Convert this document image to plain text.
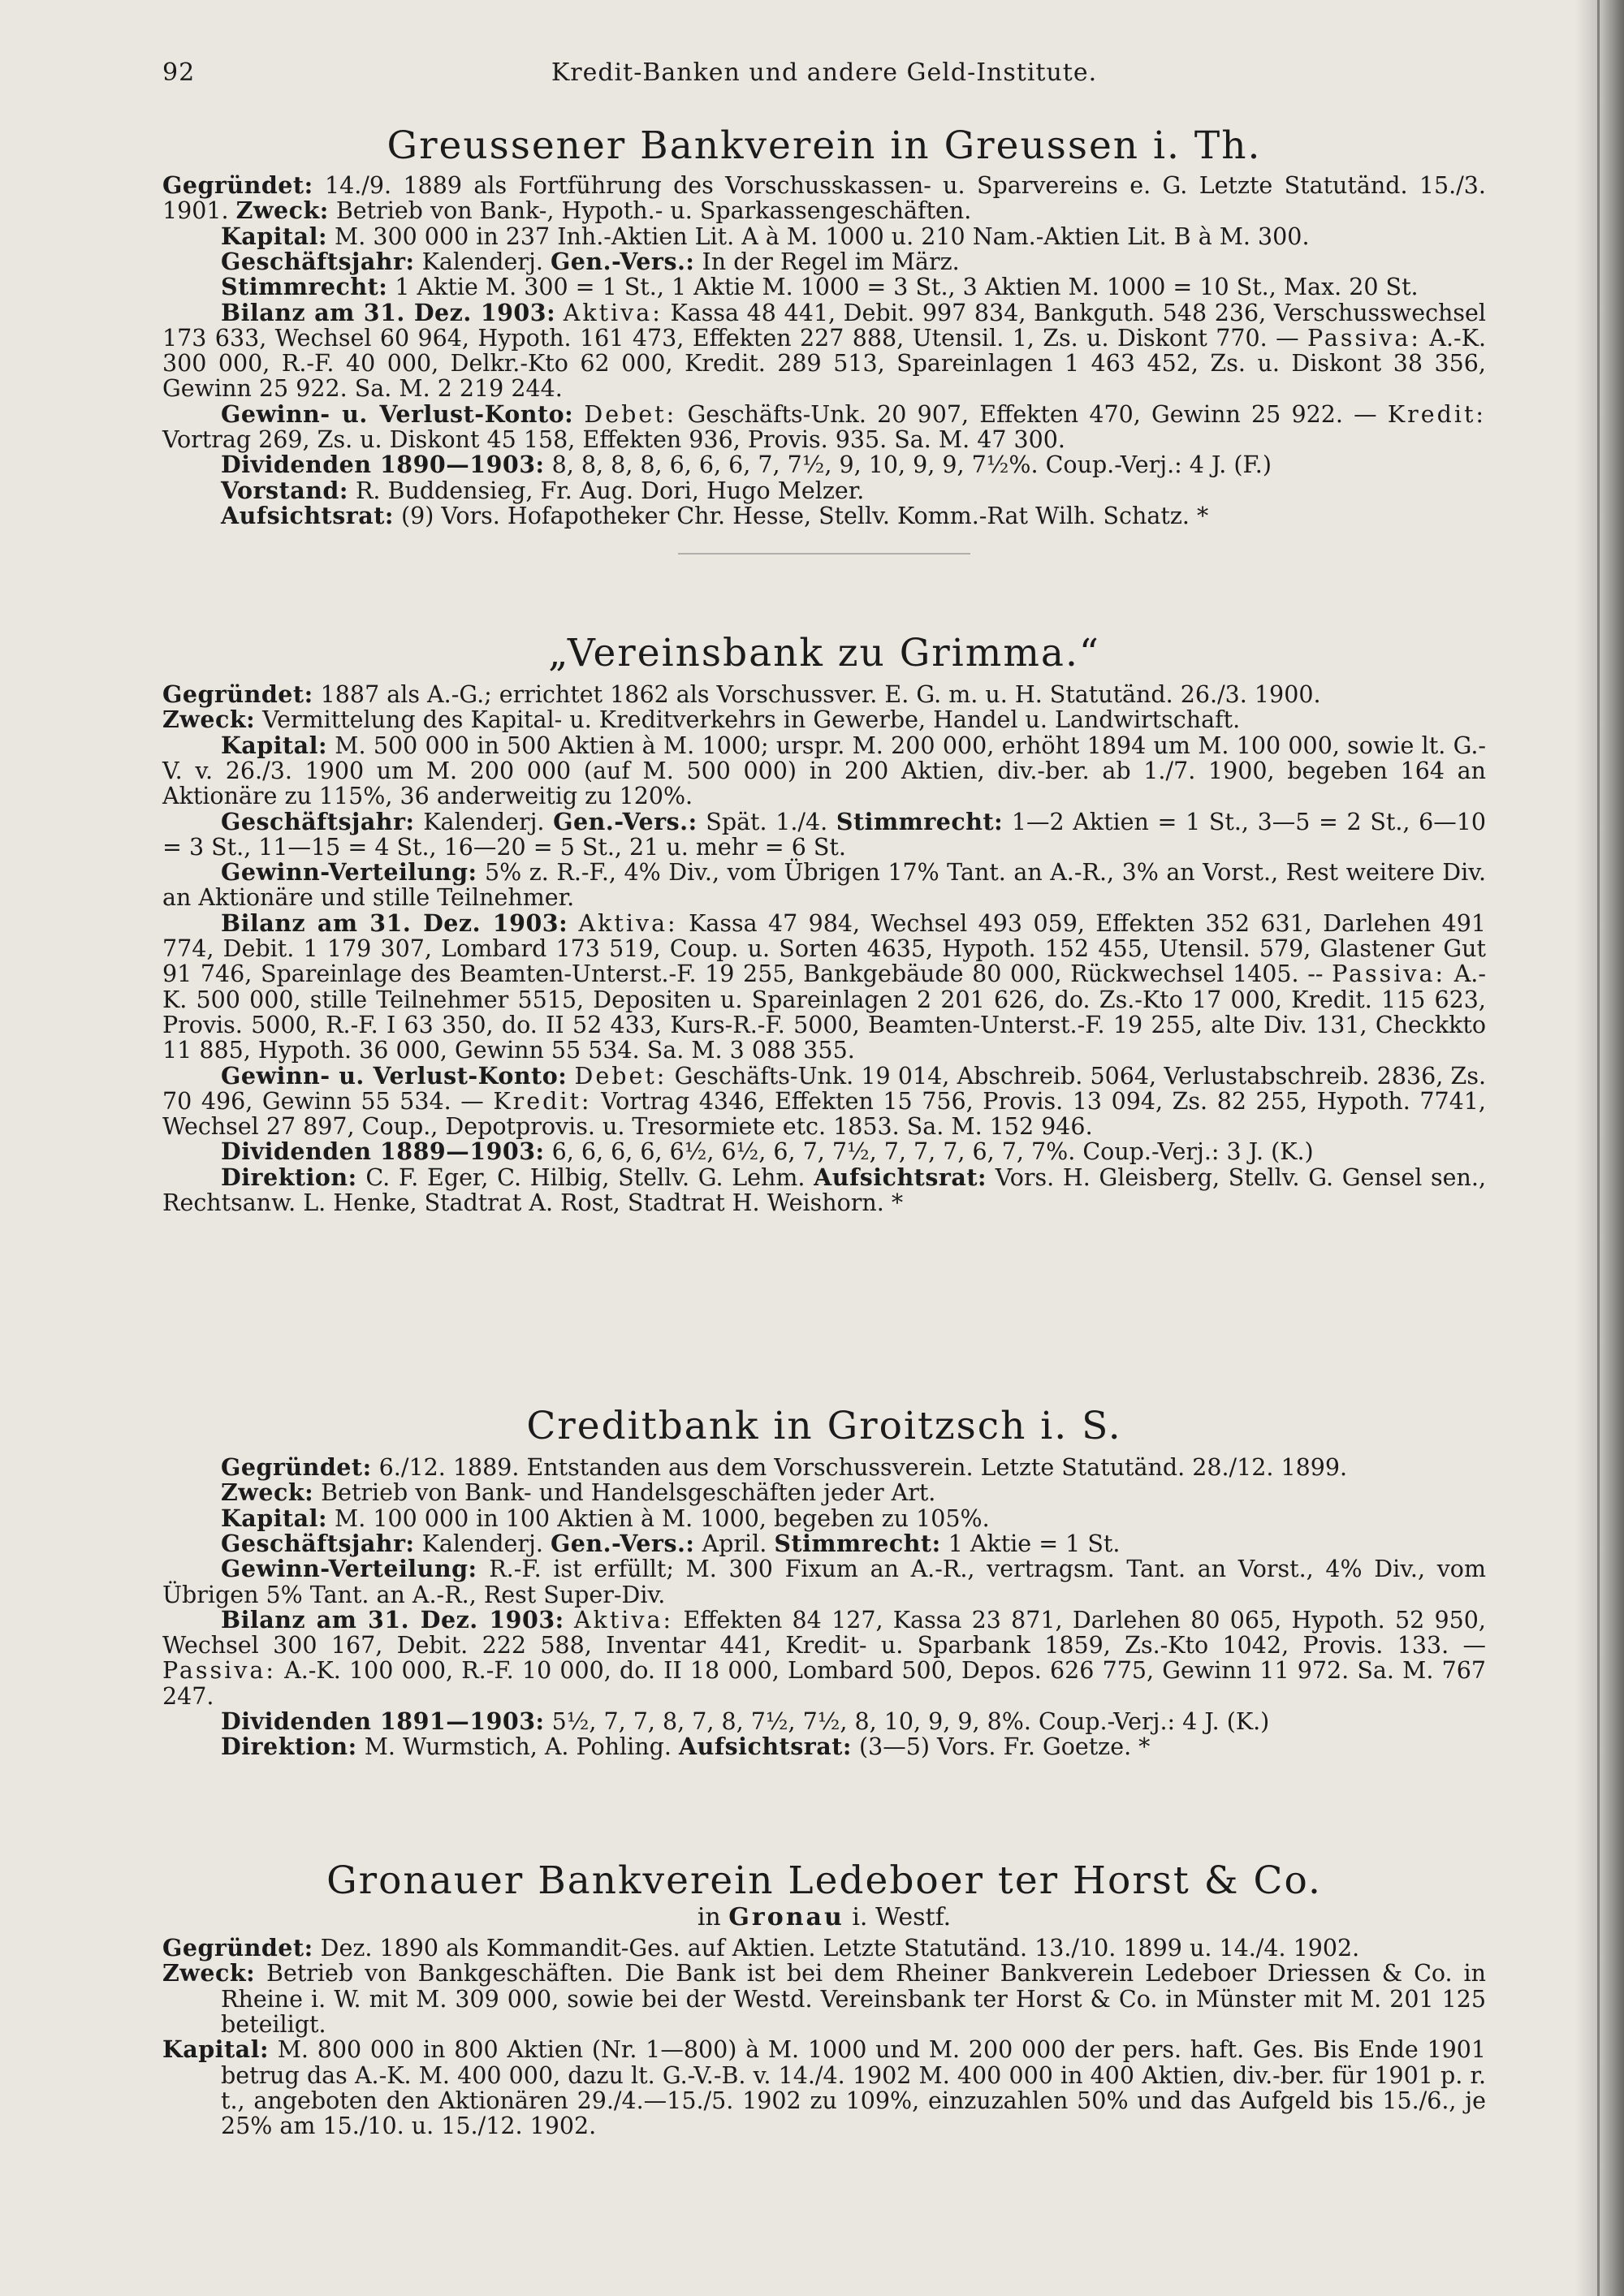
92	Kredit-Banken und andere Geld-Institute.
Greussener Bankverein in Greussen i. Th.

Gegründet: 14./9. 1889 als Fortführung des Vorschusskassen- u. Sparvereins e. G. Letzte Statutänd. 15./3. 1901. Zweck: Betrieb von Bank-, Hypoth.- u. Sparkassengeschäften.

Kapital: M. 300 000 in 237 Inh.-Aktien Lit. A à M. 1000 u. 210 Nam.-Aktien Lit. B à M. 300.

Geschäftsjahr: Kalenderj. Gen.-Vers.: In der Regel im März.

Stimmrecht: 1 Aktie M. 300 = 1 St., 1 Aktie M. 1000 = 3 St., 3 Aktien M. 1000 = 10 St., Max. 20 St.

Bilanz am 31. Dez. 1903: Aktiva: Kassa 48 441, Debit. 997 834, Bankguth. 548 236, Verschusswechsel 173 633, Wechsel 60 964, Hypoth. 161 473, Effekten 227 888, Utensil. 1, Zs. u. Diskont 770. — Passiva: A.-K. 300 000, R.-F. 40 000, Delkr.-Kto 62 000, Kredit. 289 513, Spareinlagen 1 463 452, Zs. u. Diskont 38 356, Gewinn 25 922. Sa. M. 2 219 244.

Gewinn- u. Verlust-Konto: Debet: Geschäfts-Unk. 20 907, Effekten 470, Gewinn 25 922. — Kredit: Vortrag 269, Zs. u. Diskont 45 158, Effekten 936, Provis. 935. Sa. M. 47 300.

Dividenden 1890—1903: 8, 8, 8, 8, 6, 6, 6, 7, 7½, 9, 10, 9, 9, 7½%. Coup.-Verj.: 4 J. (F.)

Vorstand: R. Buddensieg, Fr. Aug. Dori, Hugo Melzer.

Aufsichtsrat: (9) Vors. Hofapotheker Chr. Hesse, Stellv. Komm.-Rat Wilh. Schatz. *

„Vereinsbank zu Grimma.“

Gegründet: 1887 als A.-G.; errichtet 1862 als Vorschussver. E. G. m. u. H. Statutänd. 26./3. 1900.

Zweck: Vermittelung des Kapital- u. Kreditverkehrs in Gewerbe, Handel u. Landwirtschaft.

Kapital: M. 500 000 in 500 Aktien à M. 1000; urspr. M. 200 000, erhöht 1894 um M. 100 000, sowie lt. G.-V. v. 26./3. 1900 um M. 200 000 (auf M. 500 000) in 200 Aktien, div.-ber. ab 1./7. 1900, begeben 164 an Aktionäre zu 115%, 36 anderweitig zu 120%.

Geschäftsjahr: Kalenderj. Gen.-Vers.: Spät. 1./4. Stimmrecht: 1—2 Aktien = 1 St., 3—5 = 2 St., 6—10 = 3 St., 11—15 = 4 St., 16—20 = 5 St., 21 u. mehr = 6 St.

Gewinn-Verteilung: 5% z. R.-F., 4% Div., vom Übrigen 17% Tant. an A.-R., 3% an Vorst., Rest weitere Div. an Aktionäre und stille Teilnehmer.

Bilanz am 31. Dez. 1903: Aktiva: Kassa 47 984, Wechsel 493 059, Effekten 352 631, Darlehen 491 774, Debit. 1 179 307, Lombard 173 519, Coup. u. Sorten 4635, Hypoth. 152 455, Utensil. 579, Glastener Gut 91 746, Spareinlage des Beamten-Unterst.-F. 19 255, Bankgebäude 80 000, Rückwechsel 1405. -- Passiva: A.-K. 500 000, stille Teilnehmer 5515, Depositen u. Spareinlagen 2 201 626, do. Zs.-Kto 17 000, Kredit. 115 623, Provis. 5000, R.-F. I 63 350, do. II 52 433, Kurs-R.-F. 5000, Beamten-Unterst.-F. 19 255, alte Div. 131, Checkkto 11 885, Hypoth. 36 000, Gewinn 55 534. Sa. M. 3 088 355.

Gewinn- u. Verlust-Konto: Debet: Geschäfts-Unk. 19 014, Abschreib. 5064, Verlustabschreib. 2836, Zs. 70 496, Gewinn 55 534. — Kredit: Vortrag 4346, Effekten 15 756, Provis. 13 094, Zs. 82 255, Hypoth. 7741, Wechsel 27 897, Coup., Depotprovis. u. Tresormiete etc. 1853. Sa. M. 152 946.

Dividenden 1889—1903: 6, 6, 6, 6, 6½, 6½, 6, 7, 7½, 7, 7, 7, 6, 7, 7%. Coup.-Verj.: 3 J. (K.)

Direktion: C. F. Eger, C. Hilbig, Stellv. G. Lehm. Aufsichtsrat: Vors. H. Gleisberg, Stellv. G. Gensel sen., Rechtsanw. L. Henke, Stadtrat A. Rost, Stadtrat H. Weishorn. *

Creditbank in Groitzsch i. S.

Gegründet: 6./12. 1889. Entstanden aus dem Vorschussverein. Letzte Statutänd. 28./12. 1899.

Zweck: Betrieb von Bank- und Handelsgeschäften jeder Art.

Kapital: M. 100 000 in 100 Aktien à M. 1000, begeben zu 105%.

Geschäftsjahr: Kalenderj. Gen.-Vers.: April. Stimmrecht: 1 Aktie = 1 St.

Gewinn-Verteilung: R.-F. ist erfüllt; M. 300 Fixum an A.-R., vertragsm. Tant. an Vorst., 4% Div., vom Übrigen 5% Tant. an A.-R., Rest Super-Div.

Bilanz am 31. Dez. 1903: Aktiva: Effekten 84 127, Kassa 23 871, Darlehen 80 065, Hypoth. 52 950, Wechsel 300 167, Debit. 222 588, Inventar 441, Kredit- u. Sparbank 1859, Zs.-Kto 1042, Provis. 133. — Passiva: A.-K. 100 000, R.-F. 10 000, do. II 18 000, Lombard 500, Depos. 626 775, Gewinn 11 972. Sa. M. 767 247.

Dividenden 1891—1903: 5½, 7, 7, 8, 7, 8, 7½, 7½, 8, 10, 9, 9, 8%. Coup.-Verj.: 4 J. (K.)

Direktion: M. Wurmstich, A. Pohling. Aufsichtsrat: (3—5) Vors. Fr. Goetze. *

Gronauer Bankverein Ledeboer ter Horst & Co.
in Gronau i. Westf.

Gegründet: Dez. 1890 als Kommandit-Ges. auf Aktien. Letzte Statutänd. 13./10. 1899 u. 14./4. 1902.

Zweck: Betrieb von Bankgeschäften. Die Bank ist bei dem Rheiner Bankverein Ledeboer Driessen & Co. in Rheine i. W. mit M. 309 000, sowie bei der Westd. Vereinsbank ter Horst & Co. in Münster mit M. 201 125 beteiligt.

Kapital: M. 800 000 in 800 Aktien (Nr. 1—800) à M. 1000 und M. 200 000 der pers. haft. Ges. Bis Ende 1901 betrug das A.-K. M. 400 000, dazu lt. G.-V.-B. v. 14./4. 1902 M. 400 000 in 400 Aktien, div.-ber. für 1901 p. r. t., angeboten den Aktionären 29./4.—15./5. 1902 zu 109%, einzuzahlen 50% und das Aufgeld bis 15./6., je 25% am 15./10. u. 15./12. 1902.
